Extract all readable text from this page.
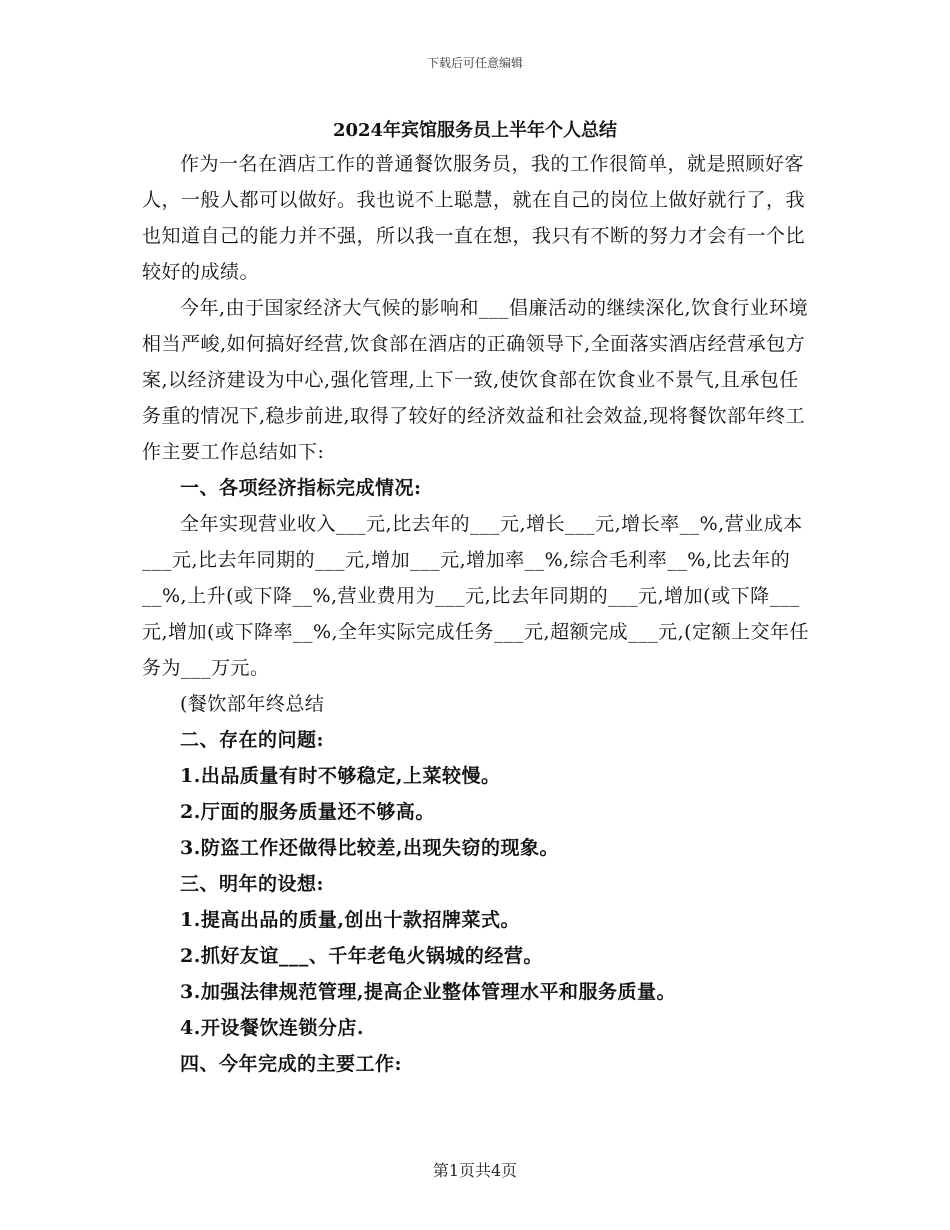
下载后可任意编辑
2024年宾馆服务员上半年个人总结

作为一名在酒店工作的普通餐饮服务员，我的工作很简单，就是照顾好客人，一般人都可以做好。我也说不上聪慧，就在自己的岗位上做好就行了，我也知道自己的能力并不强，所以我一直在想，我只有不断的努力才会有一个比较好的成绩。

今年,由于国家经济大气候的影响和___倡廉活动的继续深化,饮食行业环境相当严峻,如何搞好经营,饮食部在酒店的正确领导下,全面落实酒店经营承包方案,以经济建设为中心,强化管理,上下一致,使饮食部在饮食业不景气,且承包任务重的情况下,稳步前进,取得了较好的经济效益和社会效益,现将餐饮部年终工作主要工作总结如下:

一、各项经济指标完成情况:

全年实现营业收入___元,比去年的___元,增长___元,增长率__%,营业成本___元,比去年同期的___元,增加___元,增加率__%,综合毛利率__%,比去年的__%,上升(或下降__%,营业费用为___元,比去年同期的___元,增加(或下降___元,增加(或下降率__%,全年实际完成任务___元,超额完成___元,(定额上交年任务为___万元。

(餐饮部年终总结

二、存在的问题:

1.出品质量有时不够稳定,上菜较慢。

2.厅面的服务质量还不够高。

3.防盗工作还做得比较差,出现失窃的现象。

三、明年的设想:

1.提高出品的质量,创出十款招牌菜式。

2.抓好友谊___、千年老龟火锅城的经营。

3.加强法律规范管理,提高企业整体管理水平和服务质量。

4.开设餐饮连锁分店.

四、今年完成的主要工作:

第1页共4页
